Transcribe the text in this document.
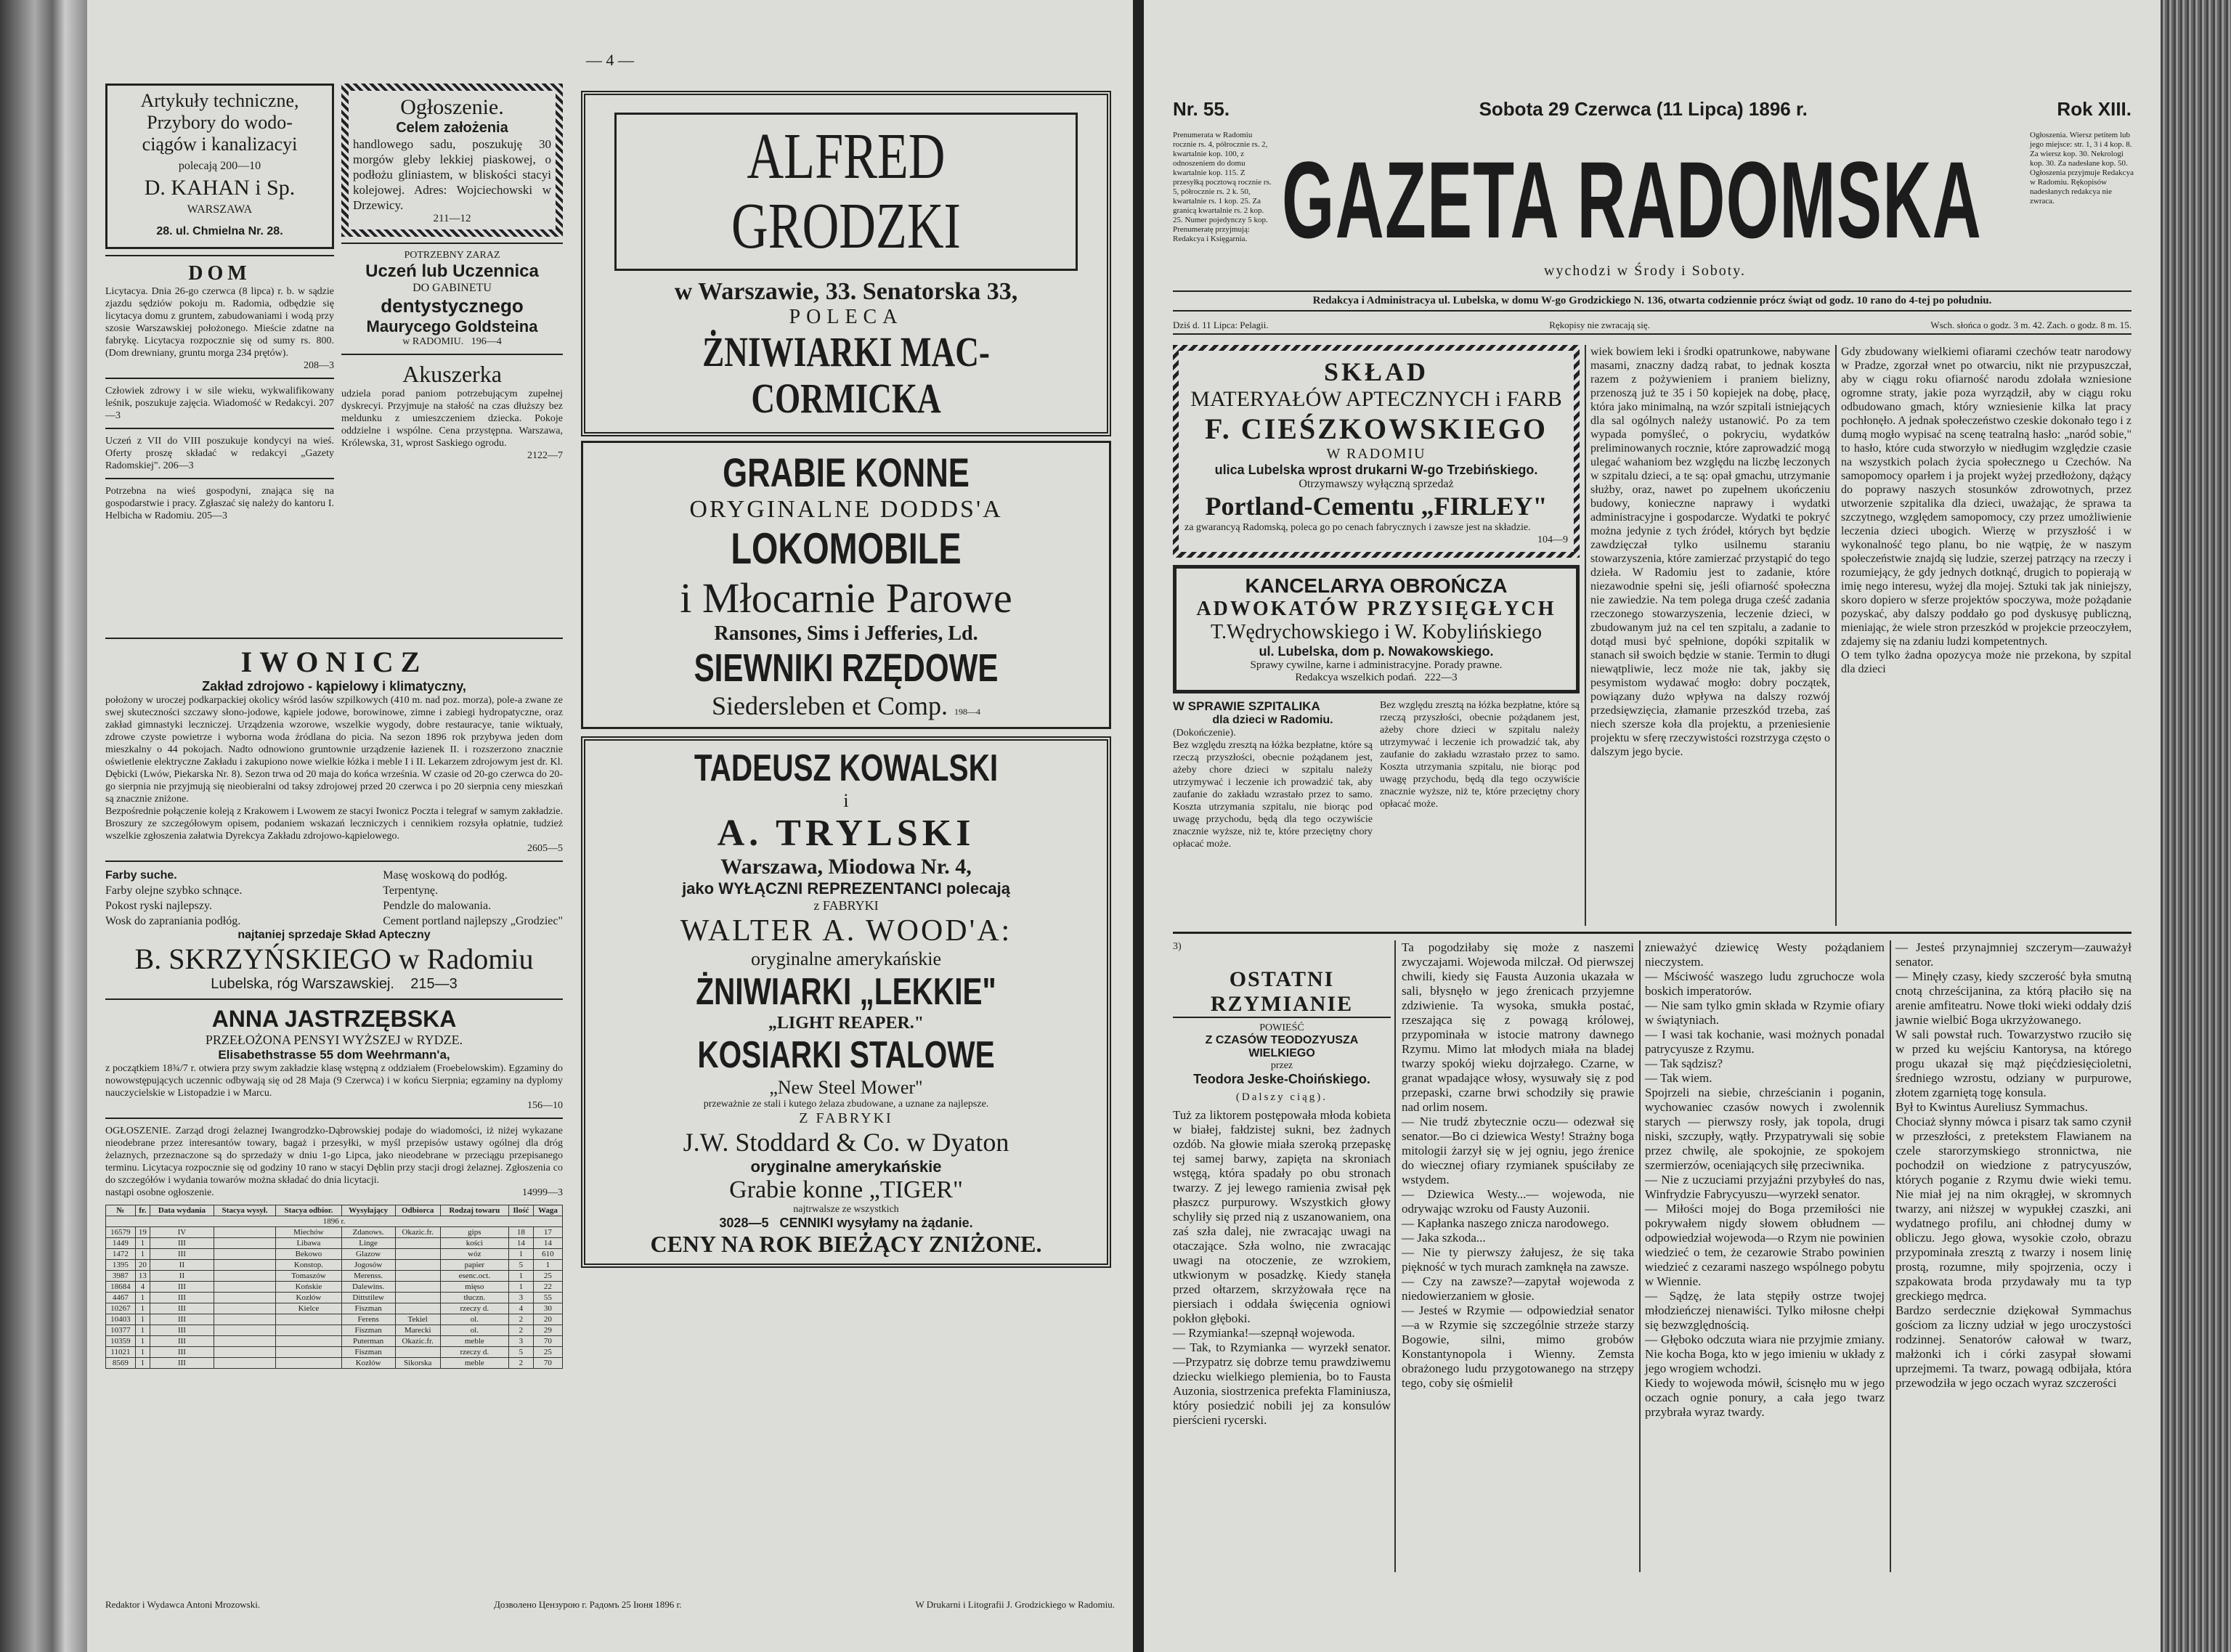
— 4 —
Artykuły techniczne,
Przybory do wodo-
ciągów i kanalizacyi
polecają 200—10
D. KAHAN i Sp.
WARSZAWA
28. ul. Chmielna Nr. 28.
DOM
Licytacya. Dnia 26-go czerwca (8 lipca) r. b. w sądzie zjazdu sędziów pokoju m. Radomia, odbędzie się licytacya domu z gruntem, zabudowaniami i wodą przy szosie Warszawskiej położonego. Mieście zdatne na fabrykę. Licytacya rozpocznie się od sumy rs. 800. (Dom drewniany, gruntu morga 234 prętów).
208—3
Człowiek zdrowy i w sile wieku, wykwalifikowany leśnik, poszukuje zajęcia. Wiadomość w Redakcyi. 207—3
Uczeń z VII do VIII poszukuje kondycyi na wieś. Oferty proszę składać w redakcyi „Gazety Radomskiej". 206—3
Potrzebna na wieś gospodyni, znająca się na gospodarstwie i pracy. Zgłaszać się należy do kantoru I. Helbicha w Radomiu. 205—3
Ogłoszenie.
Celem założenia
handlowego sadu, poszukuję 30 morgów gleby lekkiej piaskowej, o podłożu gliniastem, w bliskości stacyi kolejowej. Adres: Wojciechowski w Drzewicy.
211—12
POTRZEBNY ZARAZ
Uczeń lub Uczennica
DO GABINETU
dentystycznego
Maurycego Goldsteina
w RADOMIU. 196—4
Akuszerka
udziela porad paniom potrzebującym zupełnej dyskrecyi. Przyjmuje na stałość na czas dłuższy bez meldunku z umieszczeniem dziecka. Pokoje oddzielne i wspólne. Cena przystępna. Warszawa, Królewska, 31, wprost Saskiego ogrodu.
2122—7
IWONICZ
Zakład zdrojowo - kąpielowy i klimatyczny,
położony w uroczej podkarpackiej okolicy wśród lasów szpilkowych (410 m. nad poz. morza), pole-a zwane ze swej skuteczności szczawy słono-jodowe, kąpiele jodowe, borowinowe, zimne i zabiegi hydropatyczne, oraz zakład gimnastyki leczniczej. Urządzenia wzorowe, wszelkie wygody, dobre restauracye, tanie wiktuały, zdrowe czyste powietrze i wyborna woda źródlana do picia. Na sezon 1896 rok przybywa jeden dom mieszkalny o 44 pokojach. Nadto odnowiono gruntownie urządzenie łazienek II. i rozszerzono znacznie oświetlenie elektryczne Zakładu i zakupiono nowe wielkie łóżka i meble I i II. Lekarzem zdrojowym jest dr. Kl. Dębicki (Lwów, Piekarska Nr. 8). Sezon trwa od 20 maja do końca września. W czasie od 20-go czerwca do 20-go sierpnia nie przyjmują się nieobieralni od taksy zdrojowej przed 20 czerwca i po 20 sierpnia ceny mieszkań są znacznie zniżone.
Bezpośrednie połączenie koleją z Krakowem i Lwowem ze stacyi Iwonicz Poczta i telegraf w samym zakładzie. Broszury ze szczegółowym opisem, podaniem wskazań leczniczych i cennikiem rozsyła opłatnie, tudzież wszelkie zgłoszenia załatwia Dyrekcya Zakładu zdrojowo-kąpielowego.
2605—5
Farby suche.
Farby olejne szybko schnące.
Pokost ryski najlepszy.
Wosk do zapraniania podłóg.
Masę woskową do podłóg.
Terpentynę.
Pendzle do malowania.
Cement portland najlepszy „Grodziec"
najtaniej sprzedaje Skład Apteczny
B. SKRZYŃSKIEGO w Radomiu
Lubelska, róg Warszawskiej. 215—3
ANNA JASTRZĘBSKA
PRZEŁOŻONA PENSYI WYŻSZEJ w RYDZE.
Elisabethstrasse 55 dom Weehrmann'a,
z początkiem 18¾/7 r. otwiera przy swym zakładzie klasę wstępną z oddziałem (Froebelowskim). Egzaminy do nowowstępujących uczennic odbywają się od 28 Maja (9 Czerwca) i w końcu Sierpnia; egzaminy na dyplomy nauczycielskie w Listopadzie i w Marcu.
156—10
OGŁOSZENIE. Zarząd drogi żelaznej Iwangrodzko-Dąbrowskiej podaje do wiadomości, iż niżej wykazane nieodebrane przez interesantów towary, bagaż i przesyłki, w myśl przepisów ustawy ogólnej dla dróg żelaznych, przeznaczone są do sprzedaży w dniu 1-go Lipca, jako nieodebrane w przeciągu przepisanego terminu. Licytacya rozpocznie się od godziny 10 rano w stacyi Dęblin przy stacji drogi żelaznej. Zgłoszenia co do szczegółów i wydania towarów można składać do dnia licytacji.
nastąpi osobne ogłoszenie.	14999—3
№	fr.	Data wydania	Stacya wysył.	Stacya odbior.	Wysyłający	Odbiorca	Rodzaj towaru	Ilość	Waga
1896 r.									
16579	19	IV		Miechów	Zdanows.	Okazic.fr.	gips	18	17
1449	1	III		Libawa	Linge		kości	14	14
1472	1	III		Bekowo	Glazow		wóz	1	610
1395	20	II		Konstop.	Jogosów		papier	5	1
3987	13	II		Tomaszów	Merenss.		esenc.oct.	1	25
18684	4	III		Końskie	Dalewins.		mięso	1	22
4467	1	III		Kozłów	Dittstilew		tłuczn.	3	55
10267	1	III		Kielce	Fiszman		rzeczy d.	4	30
10403	1	III			Ferens	Tekiel	ol.	2	20
10377	1	III			Fiszman	Marecki	ol.	2	29
10359	1	III			Puterman	Okazic.fr.	meble	3	70
11021	1	III			Fiszman		rzeczy d.	5	25
8569	1	III			Kozłów	Sikorska	meble	2	70
ALFRED GRODZKI
w Warszawie, 33. Senatorska 33,
POLECA
ŻNIWIARKI MAC-CORMICKA
GRABIE KONNE
ORYGINALNE DODDS'A
LOKOMOBILE
i Młocarnie Parowe
Ransones, Sims i Jefferies, Ld.
SIEWNIKI RZĘDOWE
Siedersleben et Comp. 198—4
TADEUSZ KOWALSKI
i
A. TRYLSKI
Warszawa, Miodowa Nr. 4,
jako WYŁĄCZNI REPREZENTANCI polecają
z FABRYKI
WALTER A. WOOD'A:
oryginalne amerykańskie
ŻNIWIARKI „LEKKIE"
„LIGHT REAPER."
KOSIARKI STALOWE
„New Steel Mower"
przeważnie ze stali i kutego żelaza zbudowane, a uznane za najlepsze.
Z FABRYKI
J.W. Stoddard & Co. w Dyaton
oryginalne amerykańskie
Grabie konne „TIGER"
najtrwalsze ze wszystkich
3028—5 CENNIKI wysyłamy na żądanie.
CENY NA ROK BIEŻĄCY ZNIŻONE.
Redaktor i Wydawca Antoni Mrozowski.	Дозволено Цензурою г. Радомъ 25 Iюня 1896 г.	W Drukarni i Litografii J. Grodzickiego w Radomiu.
Nr. 55.	Sobota 29 Czerwca (11 Lipca) 1896 r.	Rok XIII.
Prenumerata w Radomiu rocznie rs. 4, półrocznie rs. 2, kwartalnie kop. 100, z odnoszeniem do domu kwartalnie kop. 115. Z przesyłką pocztową rocznie rs. 5, półrocznie rs. 2 k. 50, kwartalnie rs. 1 kop. 25. Za granicą kwartalnie rs. 2 kop. 25. Numer pojedynczy 5 kop. Prenumeratę przyjmują: Redakcya i Księgarnia. GAZETA RADOMSKA
Ogłoszenia. Wiersz petitem lub jego miejsce: str. 1, 3 i 4 kop. 8. Za wiersz kop. 30. Nekrologi kop. 30. Za nadesłane kop. 50. Ogłoszenia przyjmuje Redakcya w Radomiu. Rękopisów nadesłanych redakcya nie zwraca.
wychodzi w Środy i Soboty.
Redakcya i Administracya ul. Lubelska, w domu W-go Grodzickiego N. 136, otwarta codziennie prócz świąt od godz. 10 rano do 4-tej po południu.
Dziś d. 11 Lipca: Pelagii.	Rękopisy nie zwracają się.	Wsch. słońca o godz. 3 m. 42. Zach. o godz. 8 m. 15.
SKŁAD
MATERYAŁÓW APTECZNYCH i FARB
F. CIEŚZKOWSKIEGO
W RADOMIU
ulica Lubelska wprost drukarni W-go Trzebińskiego.
Otrzymawszy wyłączną sprzedaż
Portland-Cementu „FIRLEY"
za gwarancyą Radomską, poleca go po cenach fabrycznych i zawsze jest na składzie.
104—9
KANCELARYA OBROŃCZA
ADWOKATÓW PRZYSIĘGŁYCH
T.Wędrychowskiego i W. Kobylińskiego
ul. Lubelska, dom p. Nowakowskiego.
Sprawy cywilne, karne i administracyjne. Porady prawne.
Redakcya wszelkich podań. 222—3
W SPRAWIE SZPITALIKA
dla dzieci w Radomiu.
(Dokończenie).
Bez względu zresztą na łóżka bezpłatne, które są rzeczą przyszłości, obecnie pożądanem jest, ażeby chore dzieci w szpitalu należy utrzymywać i leczenie ich prowadzić tak, aby zaufanie do zakładu wzrastało przez to samo. Koszta utrzymania szpitalu, nie biorąc pod uwagę przychodu, będą dla tego oczywiście znacznie wyższe, niż te, które przeciętny chory opłacać może.
Bez względu zresztą na łóżka bezpłatne, które są rzeczą przyszłości, obecnie pożądanem jest, ażeby chore dzieci w szpitalu należy utrzymywać i leczenie ich prowadzić tak, aby zaufanie do zakładu wzrastało przez to samo. Koszta utrzymania szpitalu, nie biorąc pod uwagę przychodu, będą dla tego oczywiście znacznie wyższe, niż te, które przeciętny chory opłacać może.
wiek bowiem leki i środki opatrunkowe, nabywane masami, znaczny dadzą rabat, to jednak koszta razem z pożywieniem i praniem bielizny, przenoszą już te 35 i 50 kopiejek na dobę, płacę, która jako minimalną, na wzór szpitali istniejących dla sal ogólnych należy ustanowić. Po za tem wypada pomyśleć, o pokryciu, wydatków preliminowanych rocznie, które zaprowadzić mogą ulegać wahaniom bez względu na liczbę leczonych w szpitalu dzieci, a te są: opał gmachu, utrzymanie służby, oraz, nawet po zupełnem ukończeniu budowy, konieczne naprawy i wydatki administracyjne i gospodarcze. Wydatki te pokryć można jedynie z tych źródeł, których byt będzie zawdzięczał tylko usilnemu staraniu stowarzyszenia, które zamierzać przystąpić do tego dzieła. W Radomiu jest to zadanie, które niezawodnie spełni się, jeśli ofiarność społeczna nie zawiedzie. Na tem polega druga cześć zadania rzeczonego stowarzyszenia, leczenie dzieci, w zbudowanym już na cel ten szpitalu, a zadanie to dotąd musi być spełnione, dopóki szpitalik w stanach sił swoich będzie w stanie. Termin to długi niewątpliwie, lecz może nie tak, jakby się pesymistom wydawać mogło: dobry początek, powiązany dużo wpływa na dalszy rozwój przedsięwzięcia, złamanie przeszkód trzeba, zaś niech szersze koła dla projektu, a przeniesienie projektu w sferę rzeczywistości rozstrzyga często o dalszym jego bycie.
Gdy zbudowany wielkiemi ofiarami czechów teatr narodowy w Pradze, zgorzał wnet po otwarciu, nikt nie przypuszczał, aby w ciągu roku ofiarność narodu zdołała wzniesione ogromne straty, jakie poza wyrządził, aby w ciągu roku odbudowano gmach, który wzniesienie kilka lat pracy pochłonęło. A jednak społeczeństwo czeskie dokonało tego i z dumą mogło wypisać na scenę teatralną hasło: „naród sobie," to hasło, które cuda stworzyło w niedługim względzie czasie na wszystkich polach życia społecznego u Czechów. Na samopomocy oparłem i ja projekt wyżej przedłożony, dążący do poprawy naszych stosunków zdrowotnych, przez utworzenie szpitalika dla dzieci, uważając, że sprawa ta szczytnego, względem samopomocy, czy przez umożliwienie leczenia dzieci ubogich. Wierzę w przyszłość i w wykonalność tego planu, bo nie wątpię, że w naszym społeczeństwie znajdą się ludzie, szerzej patrzący na rzeczy i rozumiejący, że gdy jednych dotknąć, drugich to popierają w imię nego interesu, wyżej dla mojej. Sztuki tak jak niniejszy, skoro dopiero w sferze projektów spoczywa, może pożądanie pozyskać, aby dalszy poddało go pod dyskusyę publiczną, mieniając, że wiele stron przeszkód w projekcie przeoczyłem, zdajemy się na zdaniu ludzi kompetentnych.
O tem tylko żadna opozycya może nie przekona, by szpital dla dzieci
3)
OSTATNI RZYMIANIE
POWIEŚĆ
Z CZASÓW TEODOZYUSZA WIELKIEGO
przez
Teodora Jeske-Choińskiego.
(Dalszy ciąg).
Tuż za liktorem postępowała młoda kobieta w białej, fałdzistej sukni, bez żadnych ozdób. Na głowie miała szeroką przepaskę tej samej barwy, zapięta na skroniach wstęgą, która spadały po obu stronach twarzy. Z jej lewego ramienia zwisał pęk płaszcz purpurowy. Wszystkich głowy schyliły się przed nią z uszanowaniem, ona zaś szła dalej, nie zwracając uwagi na otaczające. Szła wolno, nie zwracając uwagi na otoczenie, ze wzrokiem, utkwionym w posadzkę. Kiedy stanęła przed ołtarzem, skrzyżowała ręce na piersiach i oddała święcenia ogniowi pokłon głęboki.
— Rzymianka!—szepnął wojewoda.
— Tak, to Rzymianka — wyrzekł senator.—Przypatrz się dobrze temu prawdziwemu dziecku wielkiego plemienia, bo to Fausta Auzonia, siostrzenica prefekta Flaminiusza, który posiedzić nobili jej za konsulów pierścieni rycerski.
Ta pogodziłaby się może z naszemi zwyczajami. Wojewoda milczał. Od pierwszej chwili, kiedy się Fausta Auzonia ukazała w sali, błysnęło w jego źrenicach przyjemne zdziwienie. Ta wysoka, smukła postać, rzeszająca się z powagą królowej, przypominała w istocie matrony dawnego Rzymu. Mimo lat młodych miała na bladej twarzy spokój wieku dojrzałego. Czarne, w granat wpadające włosy, wysuwały się z pod przepaski, czarne brwi schodziły się prawie nad orlim nosem.
— Nie trudź zbytecznie oczu— odezwał się senator.—Bo ci dziewica Westy! Strażny boga mitologii żarzył się w jej ogniu, jego źrenice do wiecznej ofiary rzymianek spuściłaby ze wstydem.
— Dziewica Westy...— wojewoda, nie odrywając wzroku od Fausty Auzonii.
— Kapłanka naszego zniczа narodowego.
— Jaka szkoda...
— Nie ty pierwszy żałujesz, że się taka piękność w tych murach zamknęła na zawsze.
— Czy na zawsze?—zapytał wojewoda z niedowierzaniem w głosie.
— Jesteś w Rzymie — odpowiedział senator—a w Rzymie się szczególnie strzeże starzy Bogowie, silni, mimo grobów Konstantynopola i Wienny. Zemsta obrażonego ludu przygotowanego na strzępy tego, coby się ośmielił
znieważyć dziewicę Westy pożądaniem nieczystem.
— Mściwość waszego ludu zgruchocze wola boskich imperatorów.
— Nie sam tylko gmin składa w Rzymie ofiary w świątyniach.
— I wasi tak kochanie, wasi możnych ponadal patrycyusze z Rzymu.
— Tak sądzisz?
— Tak wiem.
Spojrzeli na siebie, chrześcianin i poganin, wychowaniec czasów nowych i zwolennik starych — pierwszy rosły, jak topola, drugi niski, szczupły, wątły. Przypatrywali się sobie przez chwilę, ale spokojnie, ze spokojem szermierzów, oceniających siłę przeciwnika.
— Nie z uczuciami przyjaźni przybyłeś do nas, Winfrydzie Fabrycyuszu—wyrzekł senator.
— Miłości mojej do Boga przemiłości nie pokrywałem nigdy słowem obłudnem — odpowiedział wojewoda—o Rzym nie powinien wiedzieć o tem, że cezarowie Strabo powinien wiedzieć z cezarami naszego wspólnego pobytu w Wiennie.
— Sądzę, że lata stępiły ostrze twojej młodzieńczej nienawiści. Tylko miłosne chełpi się bezwzględnością.
— Głęboko odczuta wiara nie przyjmie zmiany. Nie kocha Boga, kto w jego imieniu w układy z jego wrogiem wchodzi.
Kiedy to wojewoda mówił, ścisnęło mu w jego oczach ognie ponury, a cała jego twarz przybrała wyraz twardy.
— Jesteś przynajmniej szczerym—zauważył senator.
— Minęły czasy, kiedy szczerość była smutną cnotą chrześcijanina, za którą płaciło się na arenie amfiteatru. Nowe tłoki wieki oddały dziś jawnie wielbić Boga ukrzyżowanego.
W sali powstał ruch. Towarzystwo rzuciło się w przed ku wejściu Kantorysa, na którego progu ukazał się mąż pięćdziesięcioletni, średniego wzrostu, odziany w purpurowe, złotem zgarniętą togę konsula.
Był to Kwintus Aureliusz Symmachus.
Chociaż słynny mówca i pisarz tak samo czynił w przeszłości, z pretekstem Flawianem na czele starorzymskiego stronnictwa, nie pochodził on wiedzione z patrycyuszów, których poganie z Rzymu dwie wieki temu. Nie miał jej na nim okrągłej, w skromnych twarzy, ani niższej w wypukłej czaszki, ani wydatnego profilu, ani chłodnej dumy w obliczu. Jego głowa, wysokie czoło, obrazu przypominała zresztą z twarzy i nosem linię prostą, rozumne, miły spojrzenia, oczy i szpakowata broda przydawały mu ta typ greckiego mędrca.
Bardzo serdecznie dziękował Symmachus gościom za liczny udział w jego uroczystości rodzinnej. Senatorów całował w twarz, małżonki ich i córki zasypał słowami uprzejmemi. Ta twarz, powagą odbijała, która przewodziła w jego oczach wyraz szczerości
